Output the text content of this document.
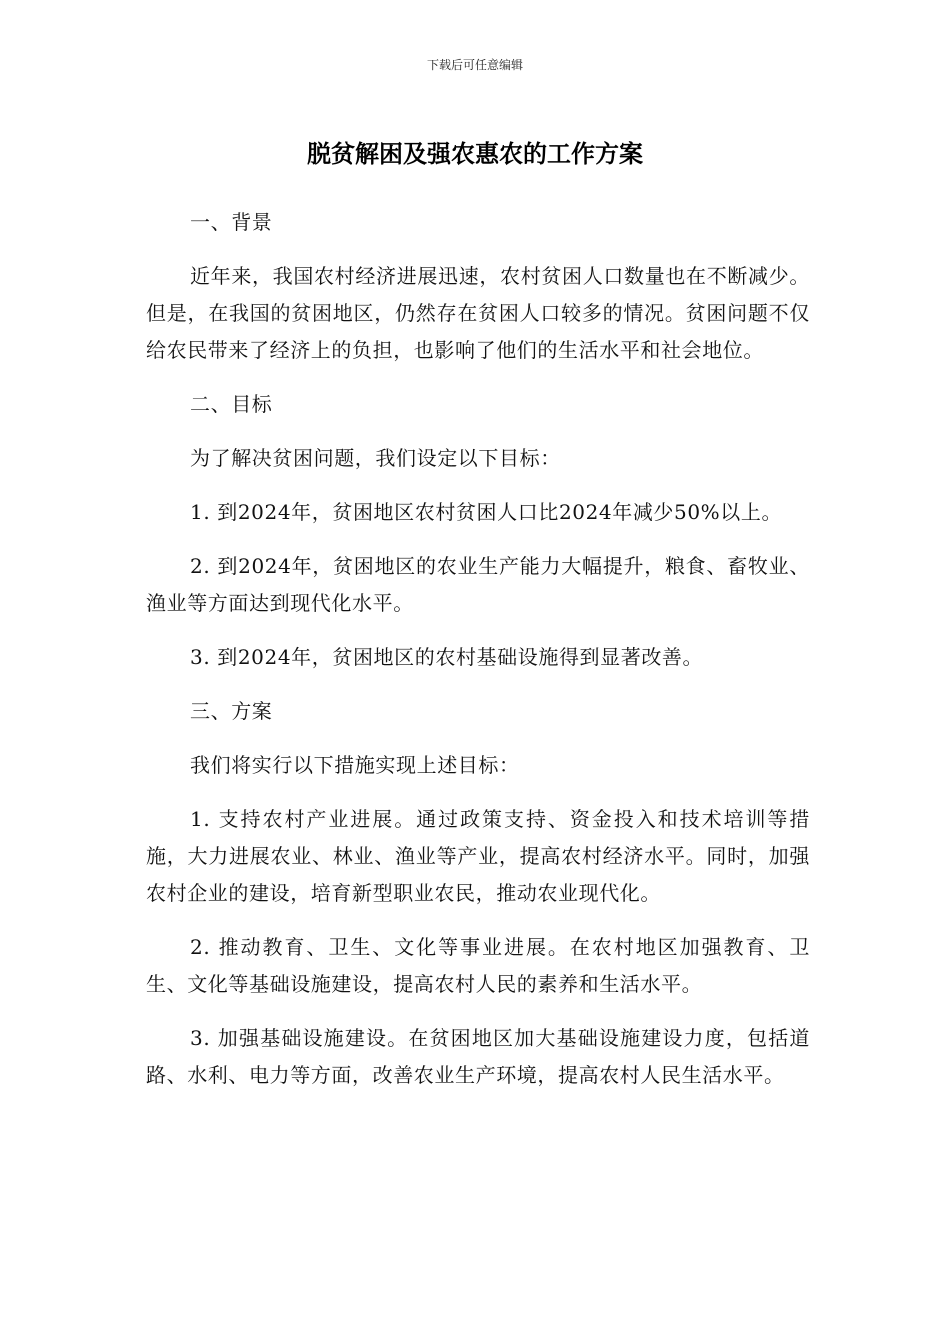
下载后可任意编辑
脱贫解困及强农惠农的工作方案

一、背景

近年来，我国农村经济进展迅速，农村贫困人口数量也在不断减少。但是，在我国的贫困地区，仍然存在贫困人口较多的情况。贫困问题不仅给农民带来了经济上的负担，也影响了他们的生活水平和社会地位。

二、目标

为了解决贫困问题，我们设定以下目标：

1. 到2024年，贫困地区农村贫困人口比2024年减少50%以上。

2. 到2024年，贫困地区的农业生产能力大幅提升，粮食、畜牧业、渔业等方面达到现代化水平。

3. 到2024年，贫困地区的农村基础设施得到显著改善。

三、方案

我们将实行以下措施实现上述目标：

1. 支持农村产业进展。通过政策支持、资金投入和技术培训等措施，大力进展农业、林业、渔业等产业，提高农村经济水平。同时，加强农村企业的建设，培育新型职业农民，推动农业现代化。

2. 推动教育、卫生、文化等事业进展。在农村地区加强教育、卫生、文化等基础设施建设，提高农村人民的素养和生活水平。

3. 加强基础设施建设。在贫困地区加大基础设施建设力度，包括道路、水利、电力等方面，改善农业生产环境，提高农村人民生活水平。
